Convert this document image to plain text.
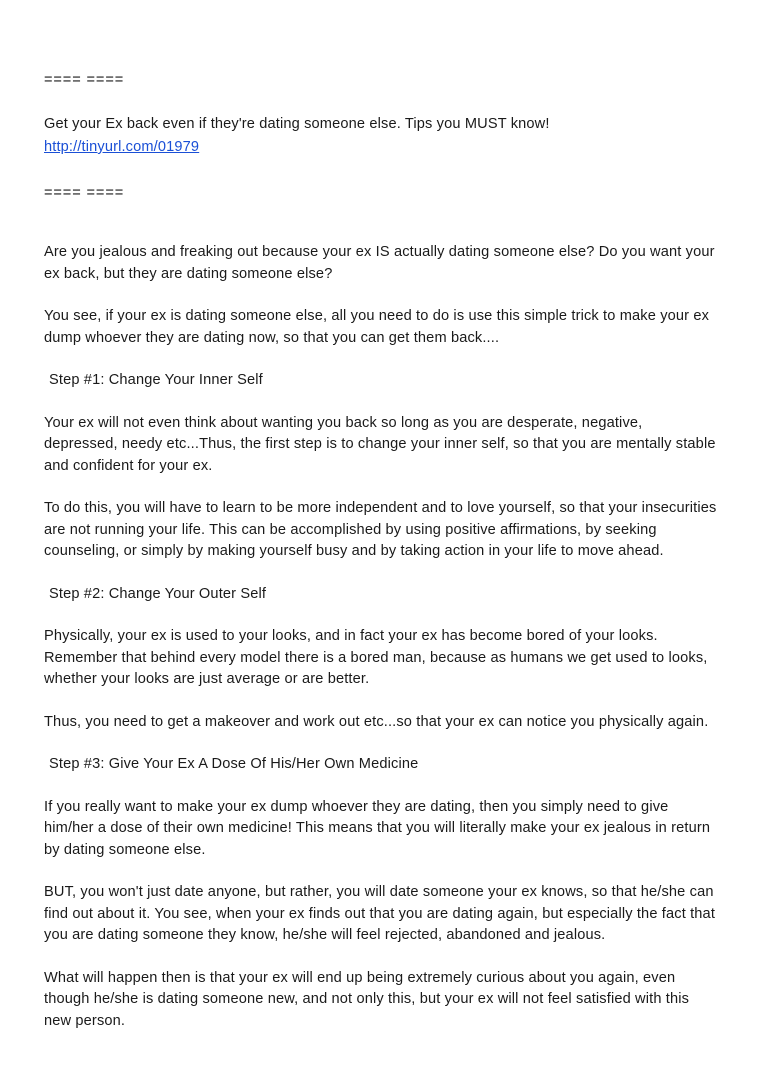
==== ====

Get your Ex back even if they're dating someone else. Tips you MUST know!

http://tinyurl.com/01979

==== ====

Are you jealous and freaking out because your ex IS actually dating someone else? Do you want your ex back, but they are dating someone else?

You see, if your ex is dating someone else, all you need to do is use this simple trick to make your ex dump whoever they are dating now, so that you can get them back....

Step #1: Change Your Inner Self

Your ex will not even think about wanting you back so long as you are desperate, negative, depressed, needy etc...Thus, the first step is to change your inner self, so that you are mentally stable and confident for your ex.

To do this, you will have to learn to be more independent and to love yourself, so that your insecurities are not running your life. This can be accomplished by using positive affirmations, by seeking counseling, or simply by making yourself busy and by taking action in your life to move ahead.

Step #2: Change Your Outer Self

Physically, your ex is used to your looks, and in fact your ex has become bored of your looks. Remember that behind every model there is a bored man, because as humans we get used to looks, whether your looks are just average or are better.

Thus, you need to get a makeover and work out etc...so that your ex can notice you physically again.

Step #3: Give Your Ex A Dose Of His/Her Own Medicine

If you really want to make your ex dump whoever they are dating, then you simply need to give him/her a dose of their own medicine! This means that you will literally make your ex jealous in return by dating someone else.

BUT, you won't just date anyone, but rather, you will date someone your ex knows, so that he/she can find out about it. You see, when your ex finds out that you are dating again, but especially the fact that you are dating someone they know, he/she will feel rejected, abandoned and jealous.

What will happen then is that your ex will end up being extremely curious about you again, even though he/she is dating someone new, and not only this, but your ex will not feel satisfied with this new person.
